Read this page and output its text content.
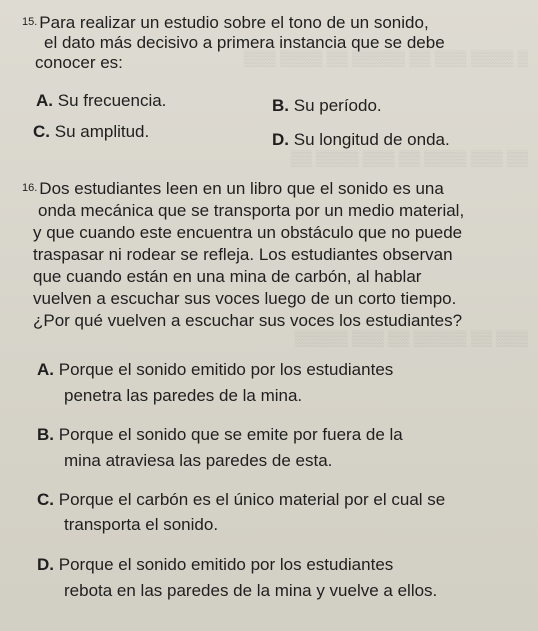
▒ ▒▒▒▒ ▒▒▒ ▒▒ ▒▒▒▒▒ ▒▒ ▒▒▒▒ ▒▒▒
▒▒ ▒▒▒ ▒▒▒▒ ▒▒ ▒▒▒ ▒▒▒▒ ▒▒
▒▒▒ ▒▒ ▒▒▒▒▒ ▒▒ ▒▒▒ ▒▒▒▒▒
$^{15.}$ Para realizar un estudio sobre el tono de un sonido,
el dato más decisivo a primera instancia que se debe
conocer es:
A. Su frecuencia.	B. Su período.
C. Su amplitud.	D. Su longitud de onda.
$^{16.}$ Dos estudiantes leen en un libro que el sonido es una
onda mecánica que se transporta por un medio material,
y que cuando este encuentra un obstáculo que no puede
traspasar ni rodear se refleja. Los estudiantes observan
que cuando están en una mina de carbón, al hablar
vuelven a escuchar sus voces luego de un corto tiempo.
¿Por qué vuelven a escuchar sus voces los estudiantes?
A. Porque el sonido emitido por los estudiantes
penetra las paredes de la mina.
B. Porque el sonido que se emite por fuera de la
mina atraviesa las paredes de esta.
C. Porque el carbón es el único material por el cual se
transporta el sonido.
D. Porque el sonido emitido por los estudiantes
rebota en las paredes de la mina y vuelve a ellos.
